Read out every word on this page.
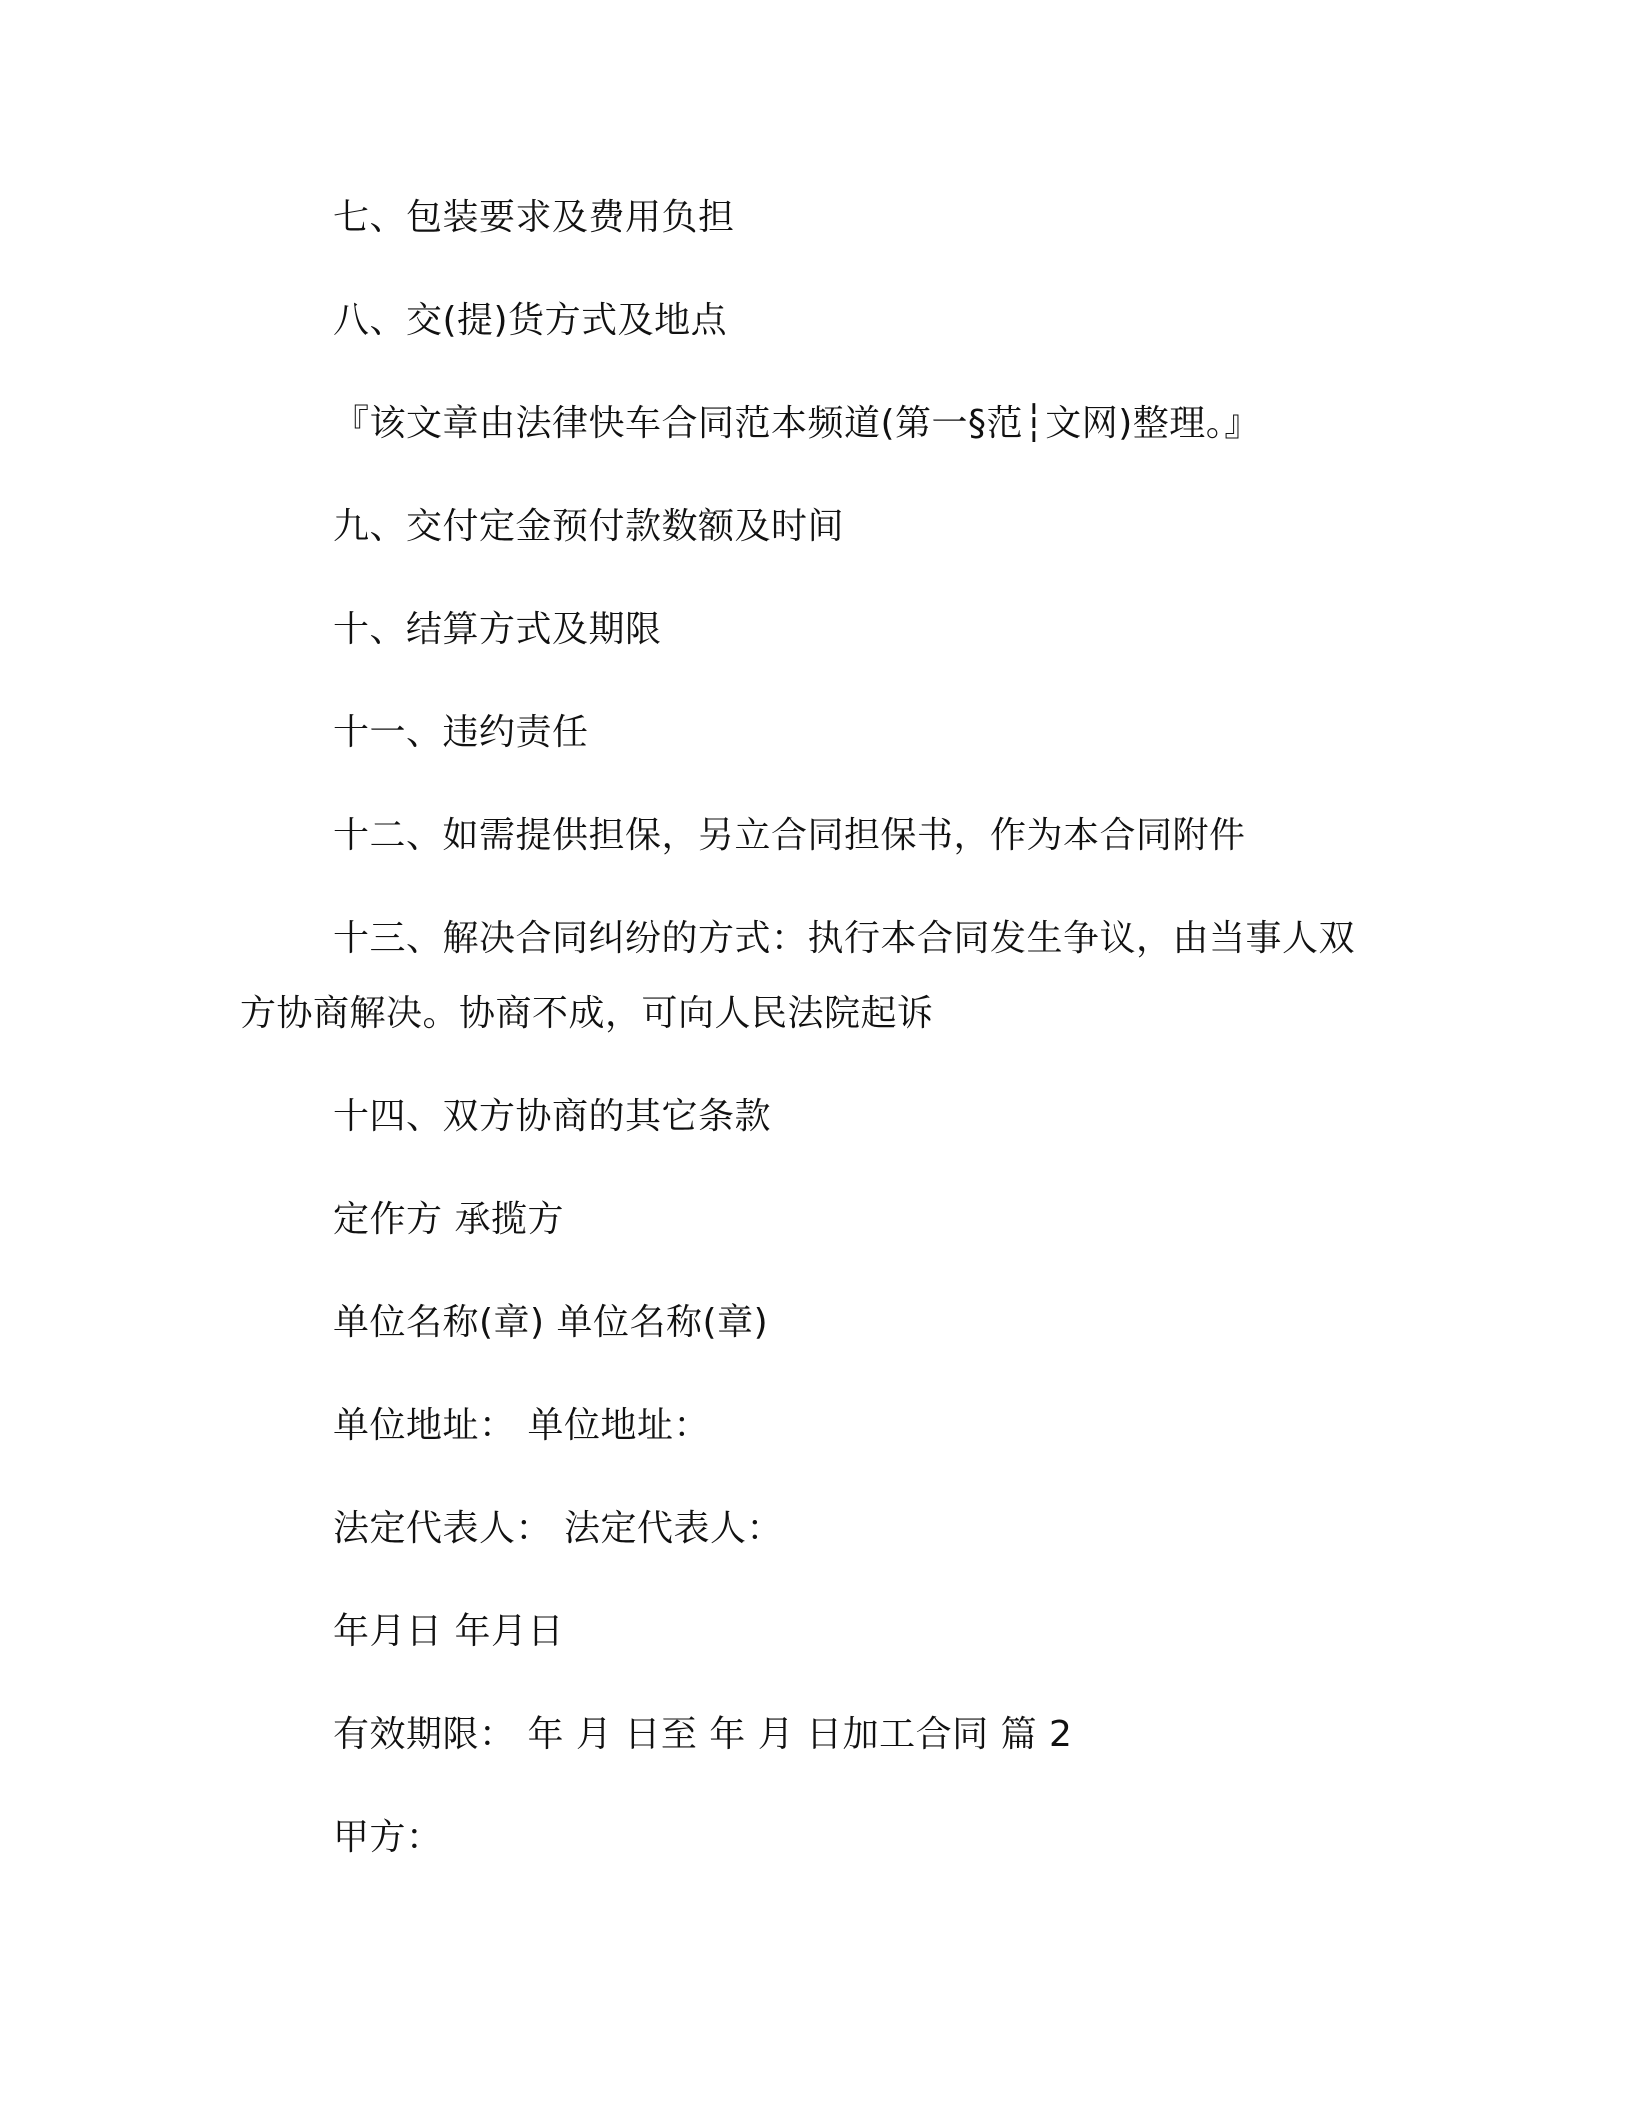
七、包装要求及费用负担
八、交(提)货方式及地点
『该文章由法律快车合同范本频道(第一§范┆文网)整理。』
九、交付定金预付款数额及时间
十、结算方式及期限
十一、违约责任
十二、如需提供担保，另立合同担保书，作为本合同附件
十三、解决合同纠纷的方式：执行本合同发生争议，由当事人双
方协商解决。协商不成，可向人民法院起诉
十四、双方协商的其它条款
定作方 承揽方
单位名称(章) 单位名称(章)
单位地址： 单位地址：
法定代表人： 法定代表人：
年月日 年月日
有效期限： 年 月 日至 年 月 日加工合同 篇 2
甲方：
